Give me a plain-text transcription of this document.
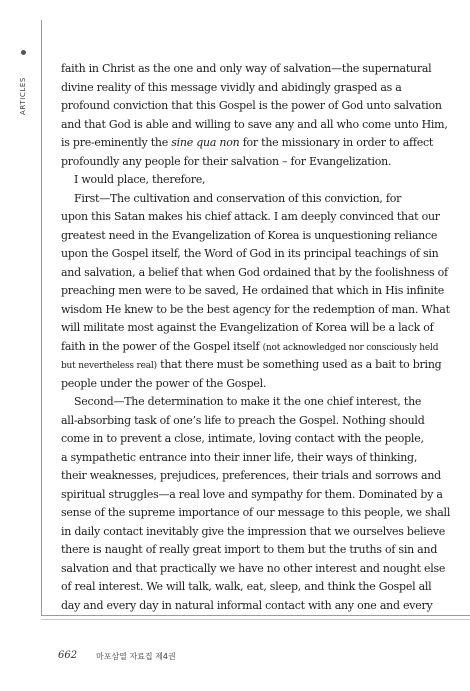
ARTICLES
faith in Christ as the one and only way of salvation—the supernatural
divine reality of this message vividly and abidingly grasped as a
profound conviction that this Gospel is the power of God unto salvation
and that God is able and willing to save any and all who come unto Him,
is pre-eminently the sine qua non for the missionary in order to affect
profoundly any people for their salvation – for Evangelization.
I would place, therefore,
First—The cultivation and conservation of this conviction, for
upon this Satan makes his chief attack. I am deeply convinced that our
greatest need in the Evangelization of Korea is unquestioning reliance
upon the Gospel itself, the Word of God in its principal teachings of sin
and salvation, a belief that when God ordained that by the foolishness of
preaching men were to be saved, He ordained that which in His infinite
wisdom He knew to be the best agency for the redemption of man. What
will militate most against the Evangelization of Korea will be a lack of
faith in the power of the Gospel itself (not acknowledged nor consciously held
but nevertheless real) that there must be something used as a bait to bring
people under the power of the Gospel.
Second—The determination to make it the one chief interest, the
all-absorbing task of one’s life to preach the Gospel. Nothing should
come in to prevent a close, intimate, loving contact with the people,
a sympathetic entrance into their inner life, their ways of thinking,
their weaknesses, prejudices, preferences, their trials and sorrows and
spiritual struggles—a real love and sympathy for them. Dominated by a
sense of the supreme importance of our message to this people, we shall
in daily contact inevitably give the impression that we ourselves believe
there is naught of really great import to them but the truths of sin and
salvation and that practically we have no other interest and nought else
of real interest. We will talk, walk, eat, sleep, and think the Gospel all
day and every day in natural informal contact with any one and every
662 마포삼열 자료집 제4권
